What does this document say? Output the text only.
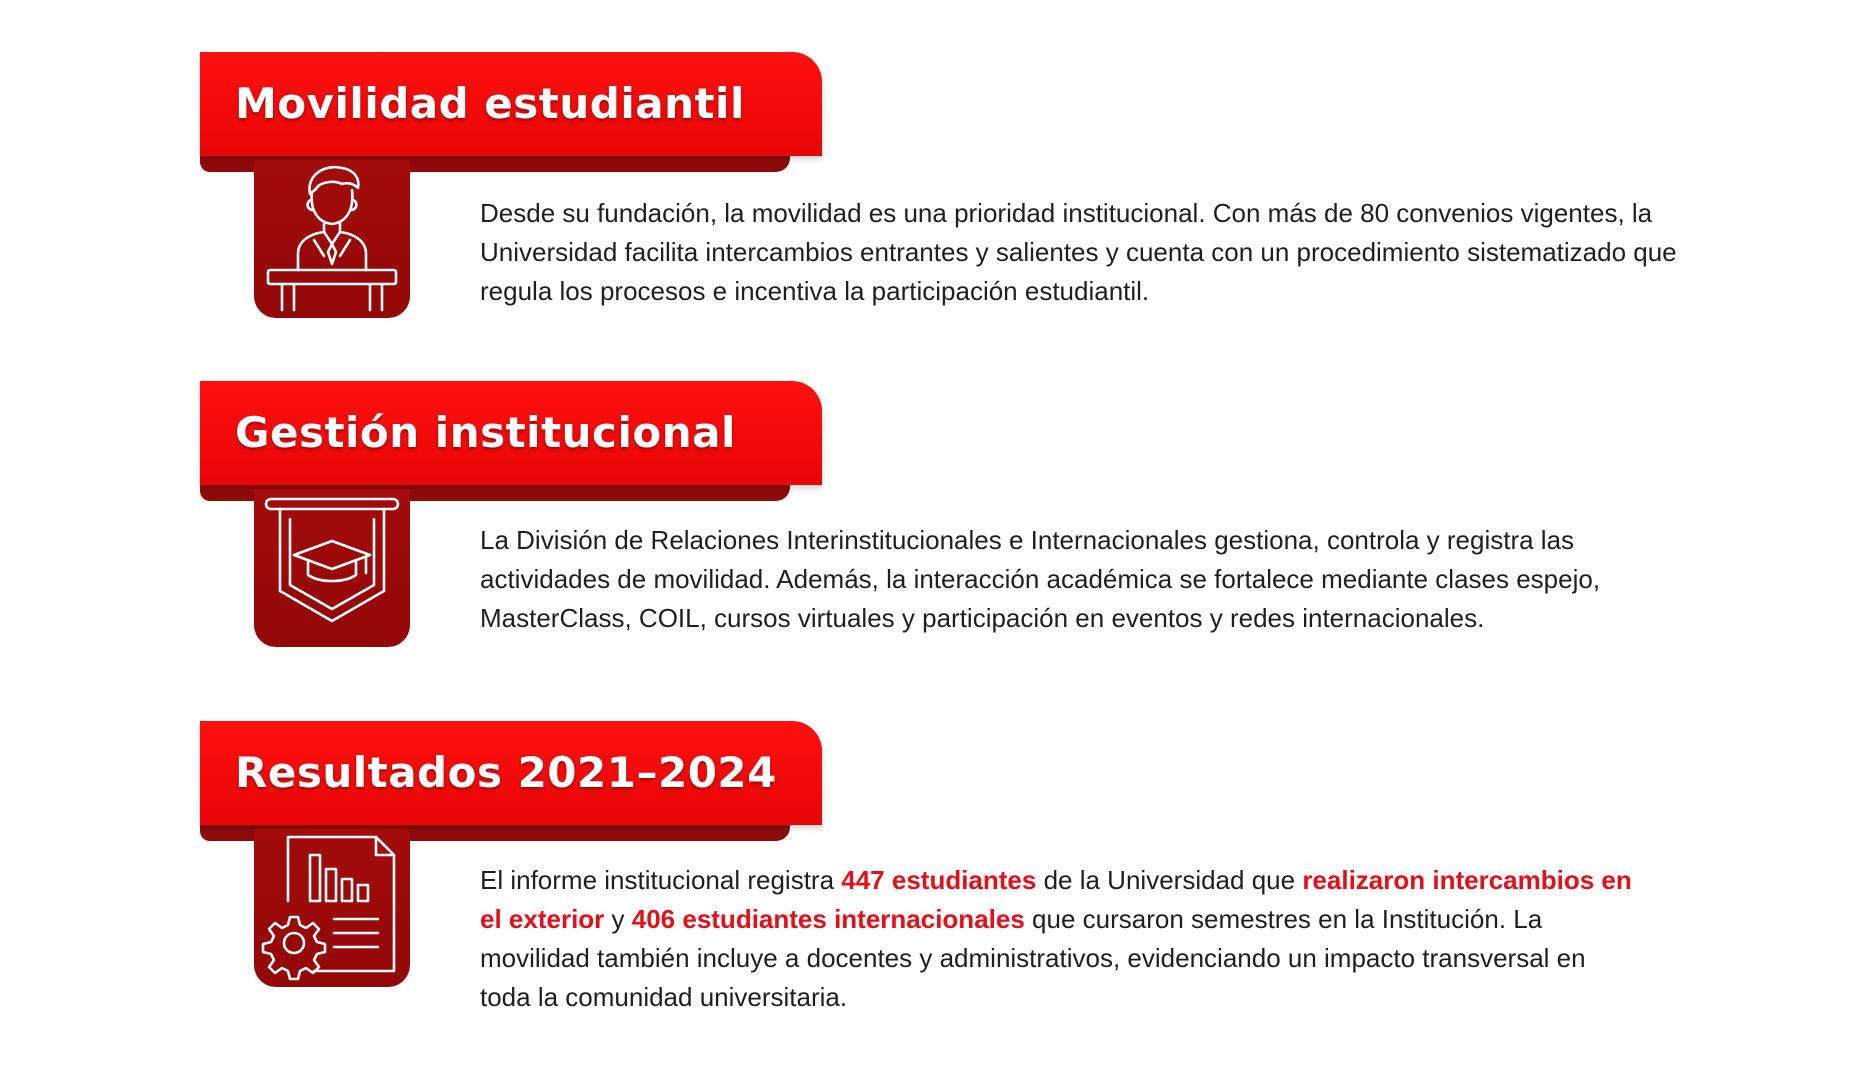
Movilidad estudiantil

Desde su fundación, la movilidad es una prioridad institucional. Con más de 80 convenios vigentes, la Universidad facilita intercambios entrantes y salientes y cuenta con un procedimiento sistematizado que regula los procesos e incentiva la participación estudiantil.

Gestión institucional

La División de Relaciones Interinstitucionales e Internacionales gestiona, controla y registra las actividades de movilidad. Además, la interacción académica se fortalece mediante clases espejo, MasterClass, COIL, cursos virtuales y participación en eventos y redes internacionales.

Resultados 2021–2024

El informe institucional registra 447 estudiantes de la Universidad que realizaron intercambios en el exterior y 406 estudiantes internacionales que cursaron semestres en la Institución. La movilidad también incluye a docentes y administrativos, evidenciando un impacto transversal en toda la comunidad universitaria.
